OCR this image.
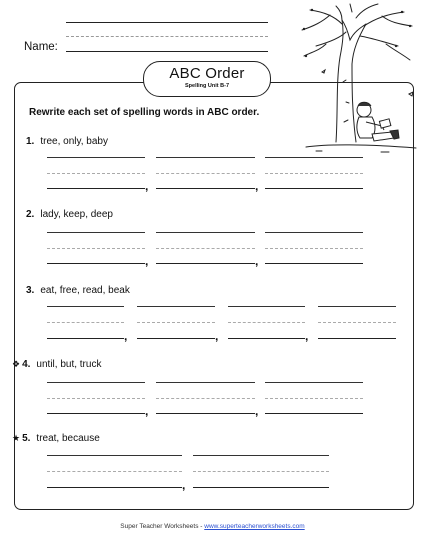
Name:
ABC Order
Spelling Unit B-7
Rewrite each set of spelling words in ABC order.
1. tree, only, baby
,	,
2. lady, keep, deep
,	,
3. eat, free, read, beak
,	,	,
❖ 4. until, but, truck
,	,
★ 5. treat, because
,
Super Teacher Worksheets - www.superteacherworksheets.com
